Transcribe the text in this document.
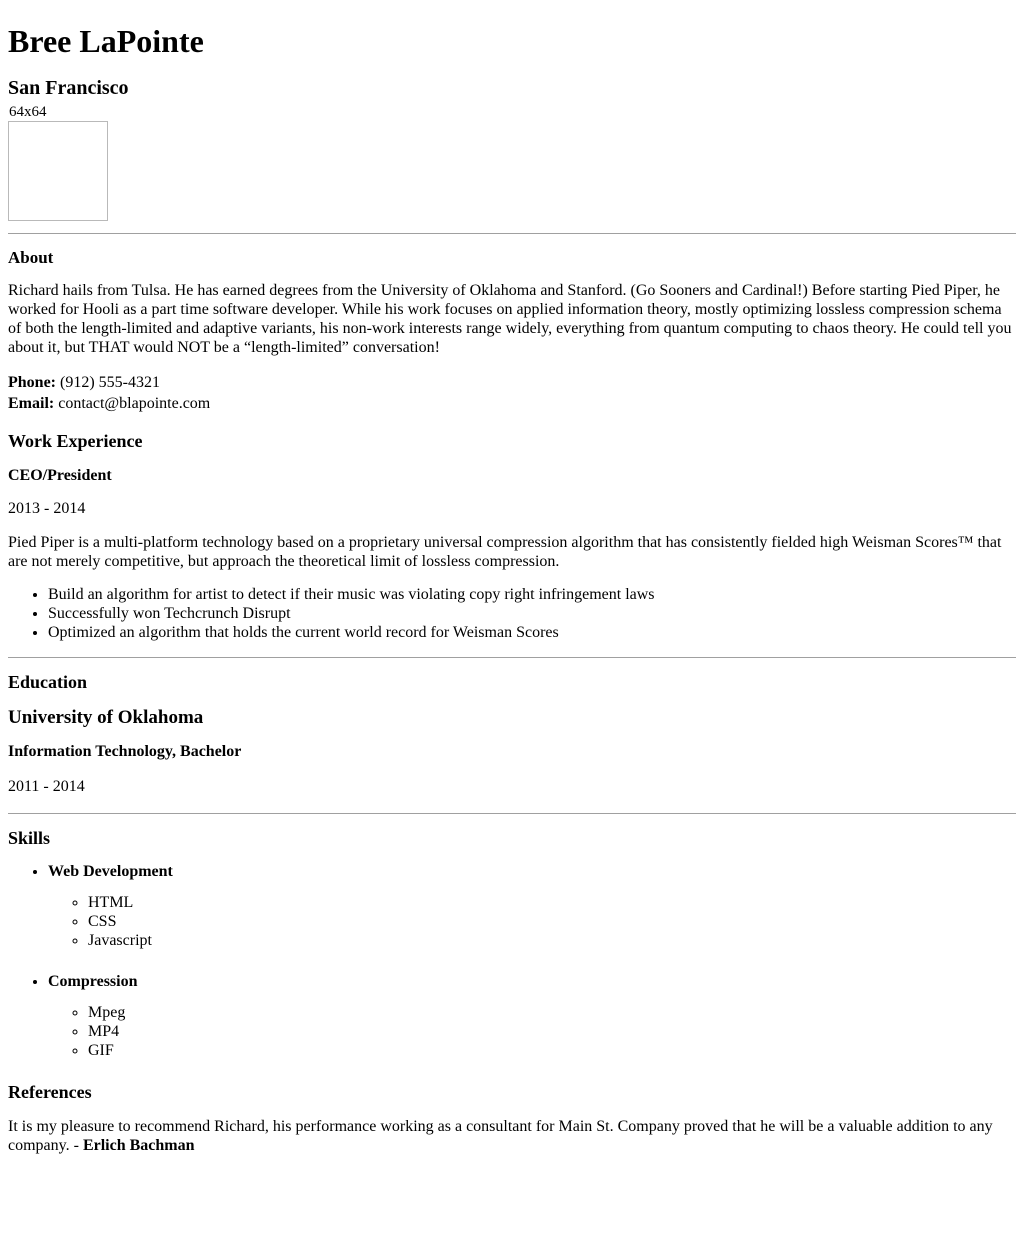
Bree LaPointe
San Francisco
64x64
About

Richard hails from Tulsa. He has earned degrees from the University of Oklahoma and Stanford. (Go Sooners and Cardinal!) Before starting Pied Piper, he worked for Hooli as a part time software developer. While his work focuses on applied information theory, mostly optimizing lossless compression schema of both the length-limited and adaptive variants, his non-work interests range widely, everything from quantum computing to chaos theory. He could tell you about it, but THAT would NOT be a “length-limited” conversation!

Phone: (912) 555-4321

Email: contact@blapointe.com

Work Experience
CEO/President

2013 - 2014

Pied Piper is a multi-platform technology based on a proprietary universal compression algorithm that has consistently fielded high Weisman Scores™ that are not merely competitive, but approach the theoretical limit of lossless compression.

• Build an algorithm for artist to detect if their music was violating copy right infringement laws
• Successfully won Techcrunch Disrupt
• Optimized an algorithm that holds the current world record for Weisman Scores
Education
University of Oklahoma
Information Technology, Bachelor

2011 - 2014

Skills
• Web Development
◦ HTML
◦ CSS
◦ Javascript
• Compression
◦ Mpeg
◦ MP4
◦ GIF
References

It is my pleasure to recommend Richard, his performance working as a consultant for Main St. Company proved that he will be a valuable addition to any company. - Erlich Bachman
